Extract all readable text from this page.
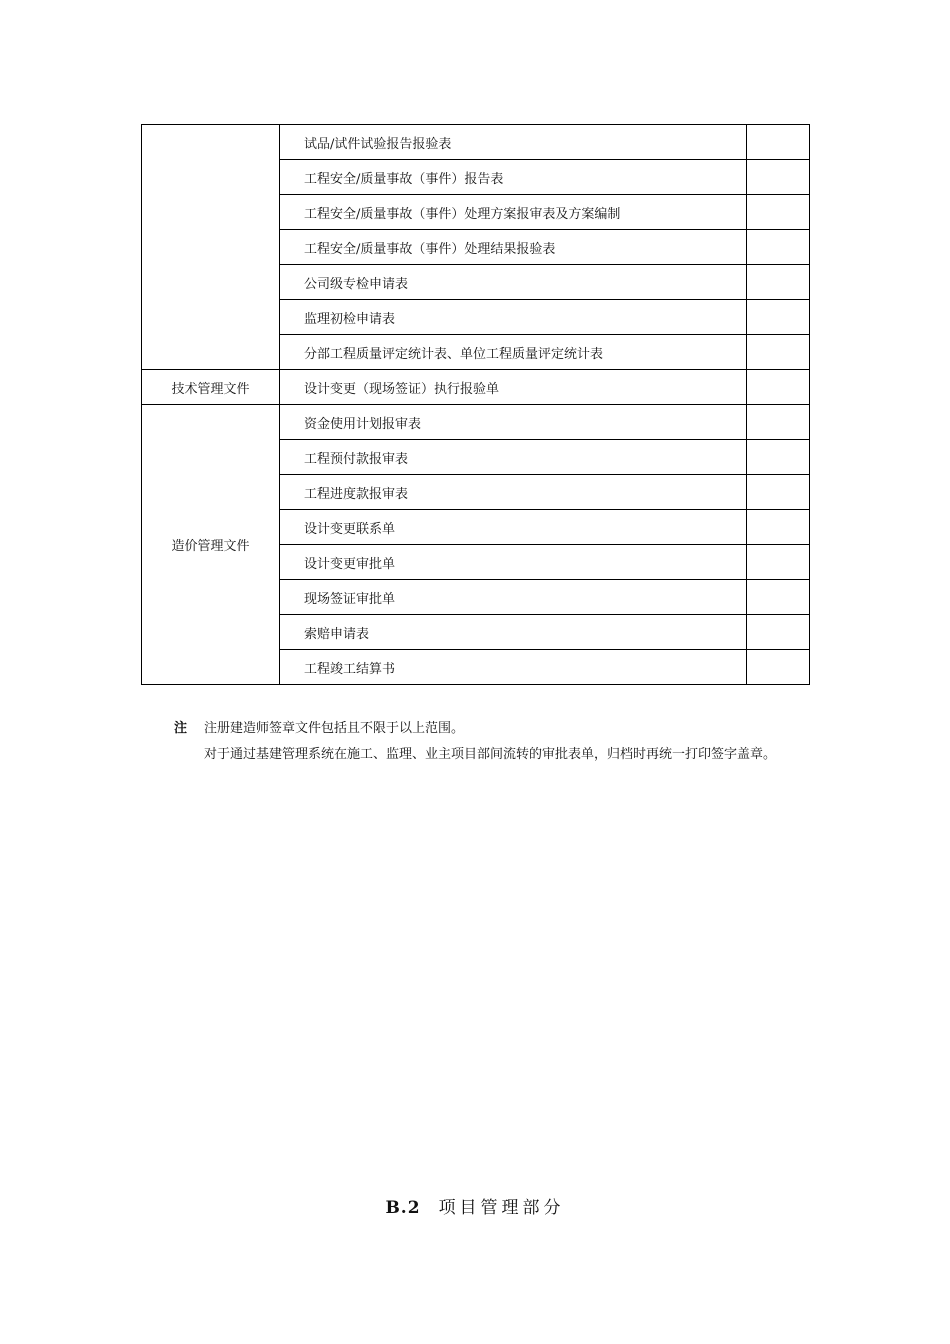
	试品/试件试验报告报验表	
	工程安全/质量事故（事件）报告表	
	工程安全/质量事故（事件）处理方案报审表及方案编制	
	工程安全/质量事故（事件）处理结果报验表	
	公司级专检申请表	
	监理初检申请表	
	分部工程质量评定统计表、单位工程质量评定统计表	
技术管理文件	设计变更（现场签证）执行报验单	
造价管理文件	资金使用计划报审表	
	工程预付款报审表	
	工程进度款报审表	
	设计变更联系单	
	设计变更审批单	
	现场签证审批单	
	索赔申请表	
	工程竣工结算书	
注 注册建造师签章文件包括且不限于以上范围。
对于通过基建管理系统在施工、监理、业主项目部间流转的审批表单，归档时再统一打印签字盖章。
B.2 项目管理部分
